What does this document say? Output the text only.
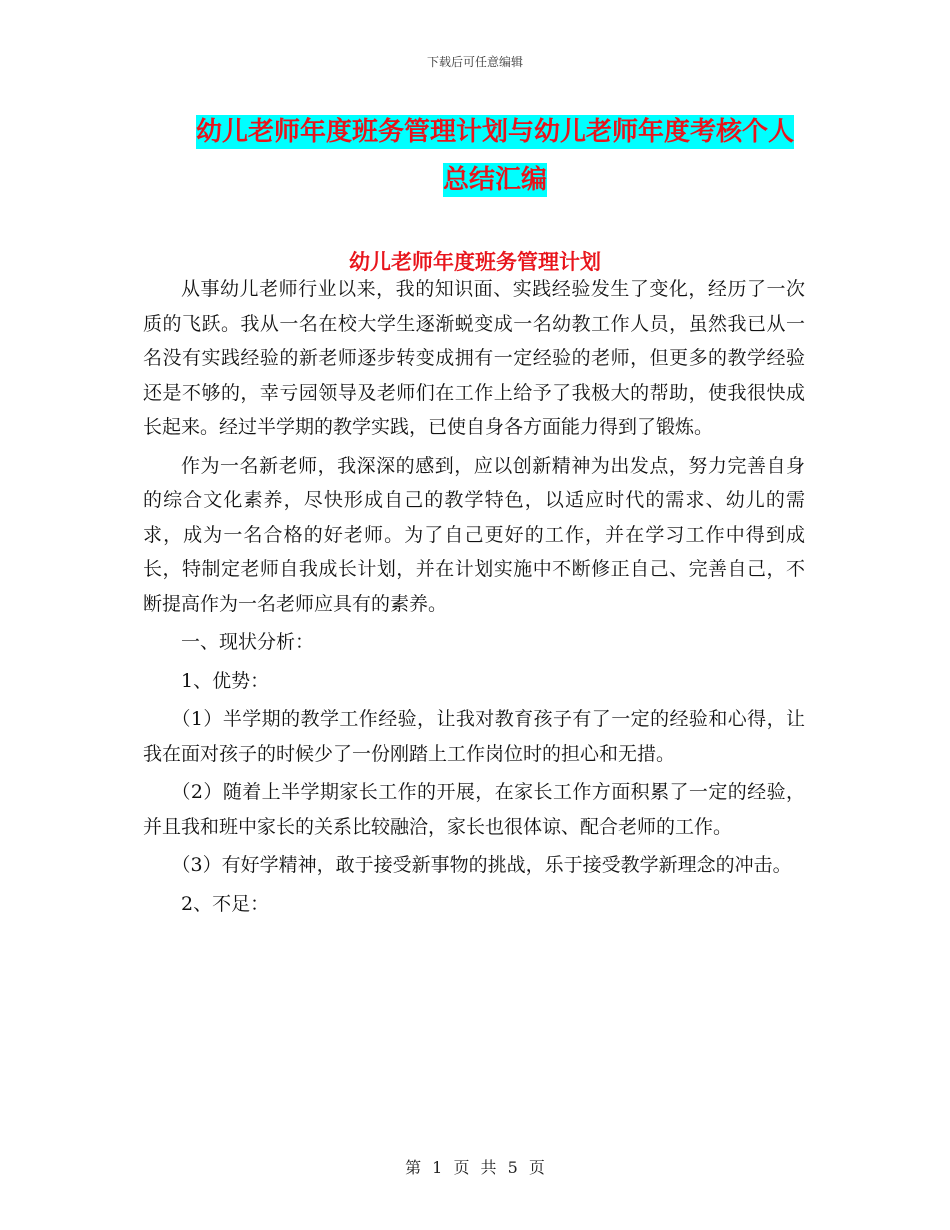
下载后可任意编辑
幼儿老师年度班务管理计划与幼儿老师年度考核个人
总结汇编
幼儿老师年度班务管理计划

从事幼儿老师行业以来，我的知识面、实践经验发生了变化，经历了一次质的飞跃。我从一名在校大学生逐渐蜕变成一名幼教工作人员，虽然我已从一名没有实践经验的新老师逐步转变成拥有一定经验的老师，但更多的教学经验还是不够的，幸亏园领导及老师们在工作上给予了我极大的帮助，使我很快成长起来。经过半学期的教学实践，已使自身各方面能力得到了锻炼。

作为一名新老师，我深深的感到，应以创新精神为出发点，努力完善自身的综合文化素养，尽快形成自己的教学特色，以适应时代的需求、幼儿的需求，成为一名合格的好老师。为了自己更好的工作，并在学习工作中得到成长，特制定老师自我成长计划，并在计划实施中不断修正自己、完善自己，不断提高作为一名老师应具有的素养。

一、现状分析：

1、优势：

（1）半学期的教学工作经验，让我对教育孩子有了一定的经验和心得，让我在面对孩子的时候少了一份刚踏上工作岗位时的担心和无措。

（2）随着上半学期家长工作的开展，在家长工作方面积累了一定的经验，并且我和班中家长的关系比较融洽，家长也很体谅、配合老师的工作。

（3）有好学精神，敢于接受新事物的挑战，乐于接受教学新理念的冲击。

2、不足：

第 1 页 共 5 页
